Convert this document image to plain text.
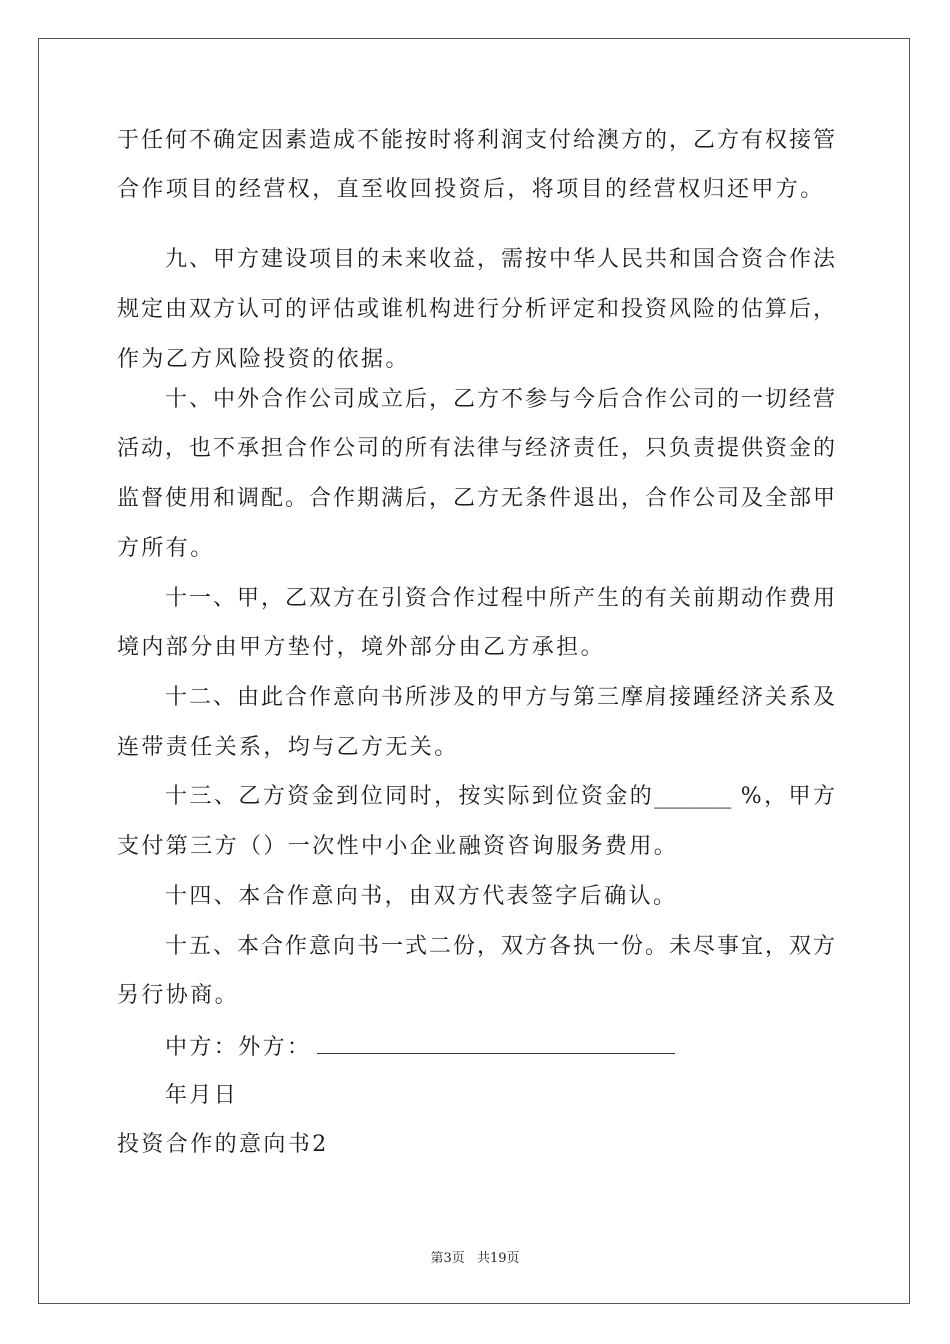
于任何不确定因素造成不能按时将利润支付给澳方的，乙方有权接管
合作项目的经营权，直至收回投资后，将项目的经营权归还甲方。
九、甲方建设项目的未来收益，需按中华人民共和国合资合作法
规定由双方认可的评估或谁机构进行分析评定和投资风险的估算后，
作为乙方风险投资的依据。
十、中外合作公司成立后，乙方不参与今后合作公司的一切经营
活动，也不承担合作公司的所有法律与经济责任，只负责提供资金的
监督使用和调配。合作期满后，乙方无条件退出，合作公司及全部甲
方所有。
十一、甲，乙双方在引资合作过程中所产生的有关前期动作费用
境内部分由甲方垫付，境外部分由乙方承担。
十二、由此合作意向书所涉及的甲方与第三摩肩接踵经济关系及
连带责任关系，均与乙方无关。
十三、乙方资金到位同时，按实际到位资金的_______ %，甲方
支付第三方（）一次性中小企业融资咨询服务费用。
十四、本合作意向书，由双方代表签字后确认。
十五、本合作意向书一式二份，双方各执一份。未尽事宜，双方
另行协商。
中方：外方：
年月日
投资合作的意向书2
第3页 共19页
